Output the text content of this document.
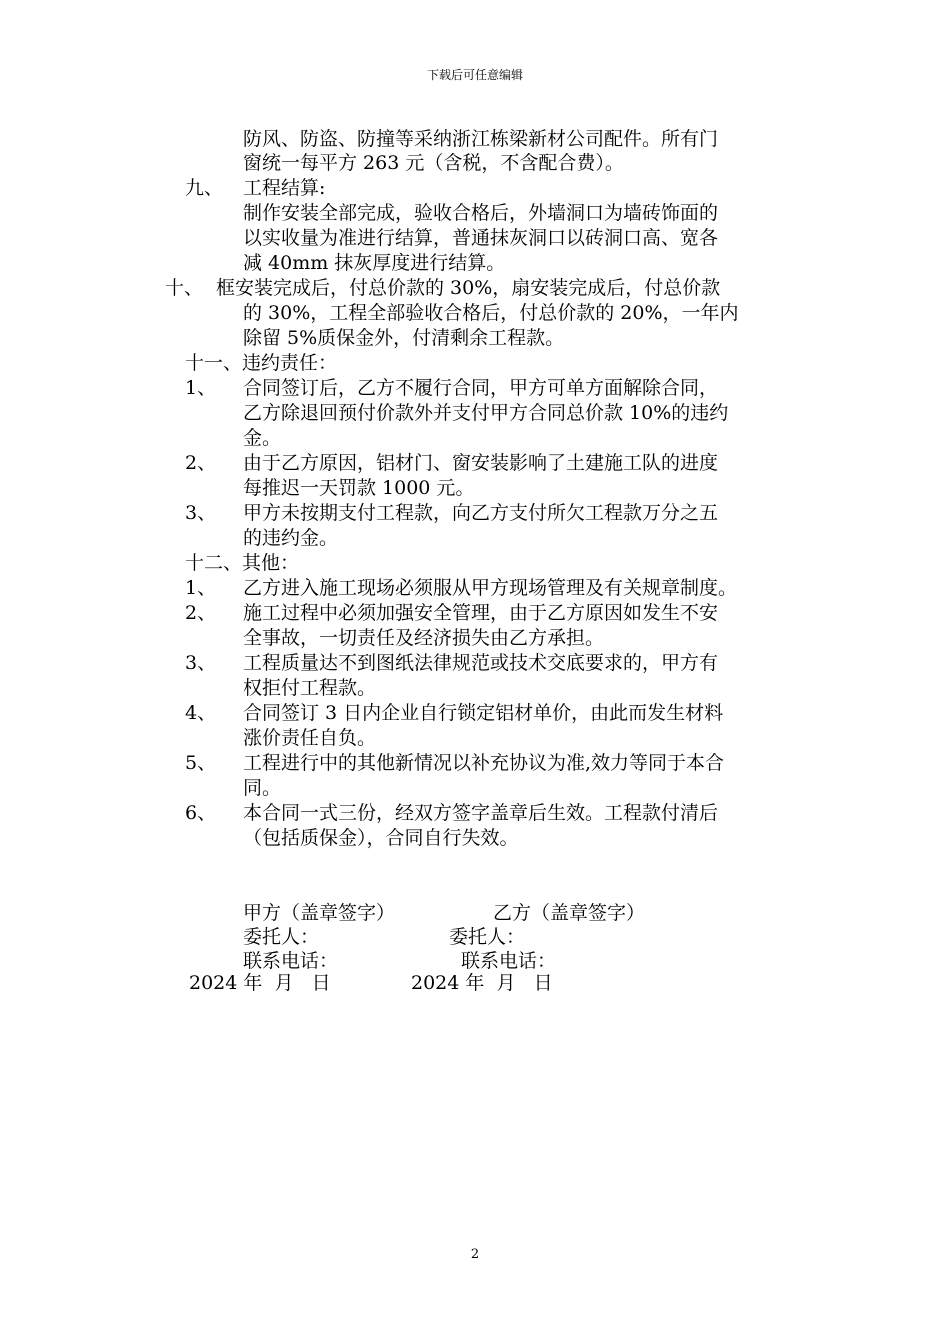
下载后可任意编辑
防风、防盗、防撞等采纳浙江栋梁新材公司配件。所有门
窗统一每平方 263 元（含税，不含配合费）。
九、 工程结算:
制作安装全部完成，验收合格后，外墙洞口为墙砖饰面的
以实收量为准进行结算，普通抹灰洞口以砖洞口高、宽各
减 40mm 抹灰厚度进行结算。
十、 框安装完成后，付总价款的 30%，扇安装完成后，付总价款
的 30%，工程全部验收合格后，付总价款的 20%，一年内
除留 5%质保金外，付清剩余工程款。
十一、违约责任：
1、 合同签订后，乙方不履行合同，甲方可单方面解除合同，
乙方除退回预付价款外并支付甲方合同总价款 10%的违约
金。
2、 由于乙方原因，铝材门、窗安装影响了土建施工队的进度
每推迟一天罚款 1000 元。
3、 甲方未按期支付工程款，向乙方支付所欠工程款万分之五
的违约金。
十二、其他：
1、 乙方进入施工现场必须服从甲方现场管理及有关规章制度。
2、 施工过程中必须加强安全管理，由于乙方原因如发生不安
全事故，一切责任及经济损失由乙方承担。
3、 工程质量达不到图纸法律规范或技术交底要求的，甲方有
权拒付工程款。
4、 合同签订 3 日内企业自行锁定铝材单价，由此而发生材料
涨价责任自负。
5、 工程进行中的其他新情况以补充协议为准,效力等同于本合
同。
6、 本合同一式三份，经双方签字盖章后生效。工程款付清后
（包括质保金），合同自行失效。
甲方（盖章签字）	乙方（盖章签字）
委托人：	委托人：
联系电话：	联系电话：
2024 年  月   日	2024 年  月   日
2
